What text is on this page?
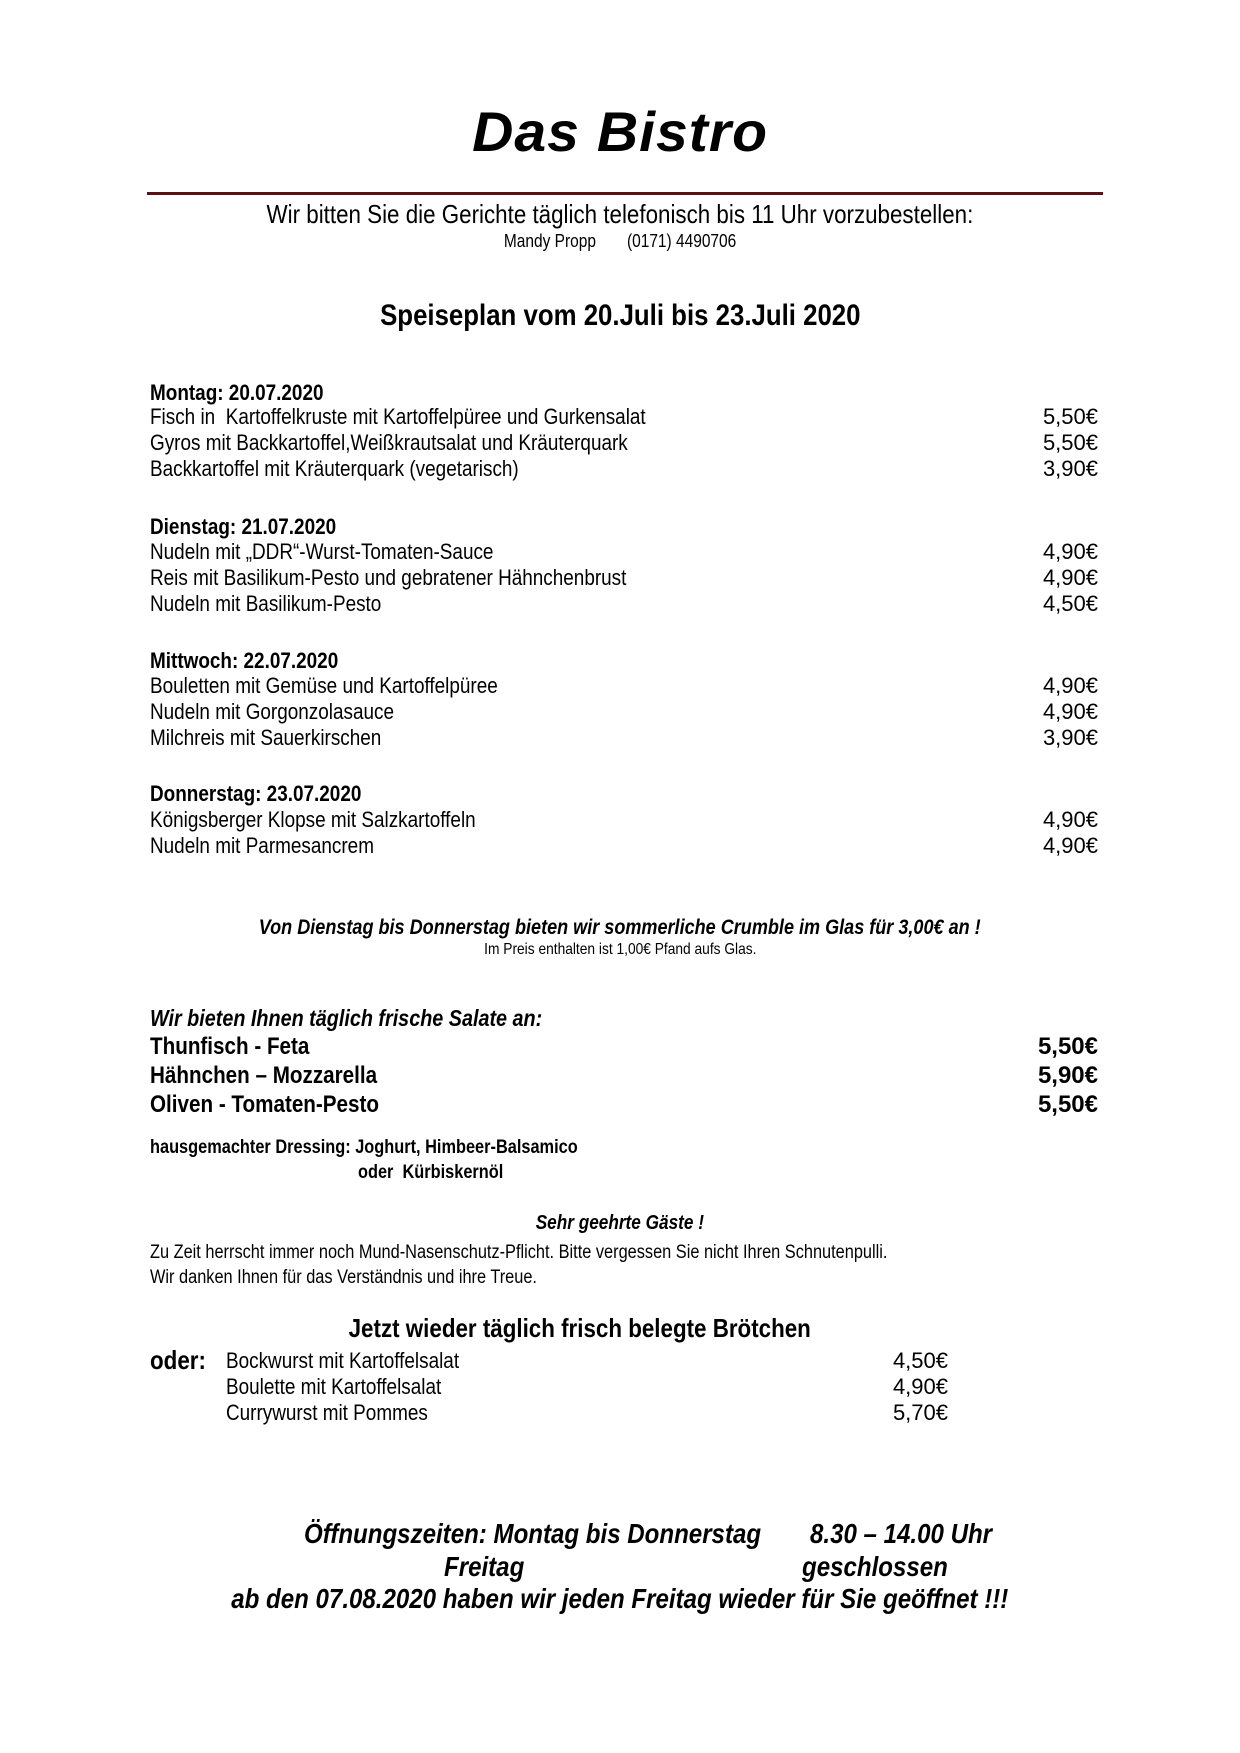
Das Bistro
Wir bitten Sie die Gerichte täglich telefonisch bis 11 Uhr vorzubestellen:
Mandy Propp (0171) 4490706
Speiseplan vom 20.Juli bis 23.Juli 2020
Montag: 20.07.2020
Fisch in  Kartoffelkruste mit Kartoffelpüree und Gurkensalat	5,50€
Gyros mit Backkartoffel,Weißkrautsalat und Kräuterquark	5,50€
Backkartoffel mit Kräuterquark (vegetarisch)	3,90€
Dienstag: 21.07.2020
Nudeln mit „DDR“-Wurst-Tomaten-Sauce	4,90€
Reis mit Basilikum-Pesto und gebratener Hähnchenbrust	4,90€
Nudeln mit Basilikum-Pesto	4,50€
Mittwoch: 22.07.2020
Bouletten mit Gemüse und Kartoffelpüree	4,90€
Nudeln mit Gorgonzolasauce	4,90€
Milchreis mit Sauerkirschen	3,90€
Donnerstag: 23.07.2020
Königsberger Klopse mit Salzkartoffeln	4,90€
Nudeln mit Parmesancrem	4,90€
Von Dienstag bis Donnerstag bieten wir sommerliche Crumble im Glas für 3,00€ an !
Im Preis enthalten ist 1,00€ Pfand aufs Glas.
Wir bieten Ihnen täglich frische Salate an:
Thunfisch - Feta	5,50€
Hähnchen – Mozzarella	5,90€
Oliven - Tomaten-Pesto	5,50€
hausgemachter Dressing: Joghurt, Himbeer-Balsamico
oder  Kürbiskernöl
Sehr geehrte Gäste !
Zu Zeit herrscht immer noch Mund-Nasenschutz-Pflicht. Bitte vergessen Sie nicht Ihren Schnutenpulli.
Wir danken Ihnen für das Verständnis und ihre Treue.
Jetzt wieder täglich frisch belegte Brötchen
oder: Bockwurst mit Kartoffelsalat	4,50€
Boulette mit Kartoffelsalat	4,90€
Currywurst mit Pommes	5,70€
Öffnungszeiten: Montag bis Donnerstag	8.30 – 14.00 Uhr
Freitag	geschlossen
ab den 07.08.2020 haben wir jeden Freitag wieder für Sie geöffnet !!!
